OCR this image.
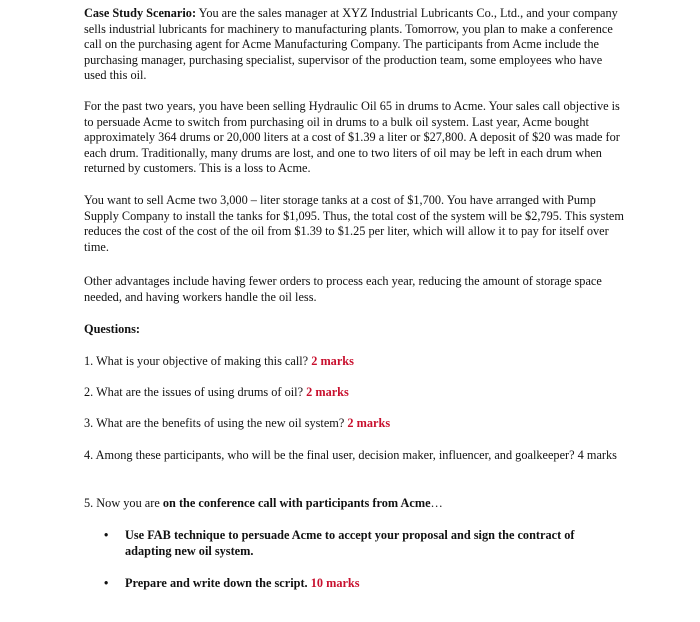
Case Study Scenario: You are the sales manager at XYZ Industrial Lubricants Co., Ltd., and your company sells industrial lubricants for machinery to manufacturing plants. Tomorrow, you plan to make a conference call on the purchasing agent for Acme Manufacturing Company. The participants from Acme include the purchasing manager, purchasing specialist, supervisor of the production team, some employees who have used this oil.
For the past two years, you have been selling Hydraulic Oil 65 in drums to Acme. Your sales call objective is to persuade Acme to switch from purchasing oil in drums to a bulk oil system. Last year, Acme bought approximately 364 drums or 20,000 liters at a cost of $1.39 a liter or $27,800. A deposit of $20 was made for each drum. Traditionally, many drums are lost, and one to two liters of oil may be left in each drum when returned by customers. This is a loss to Acme.
You want to sell Acme two 3,000 – liter storage tanks at a cost of $1,700. You have arranged with Pump Supply Company to install the tanks for $1,095. Thus, the total cost of the system will be $2,795. This system reduces the cost of the cost of the oil from $1.39 to $1.25 per liter, which will allow it to pay for itself over time.
Other advantages include having fewer orders to process each year, reducing the amount of storage space needed, and having workers handle the oil less.
Questions:
1. What is your objective of making this call? 2 marks
2. What are the issues of using drums of oil? 2 marks
3. What are the benefits of using the new oil system? 2 marks
4. Among these participants, who will be the final user, decision maker, influencer, and goalkeeper? 4 marks
5. Now you are on the conference call with participants from Acme…
• Use FAB technique to persuade Acme to accept your proposal and sign the contract of adapting new oil system.
• Prepare and write down the script. 10 marks
